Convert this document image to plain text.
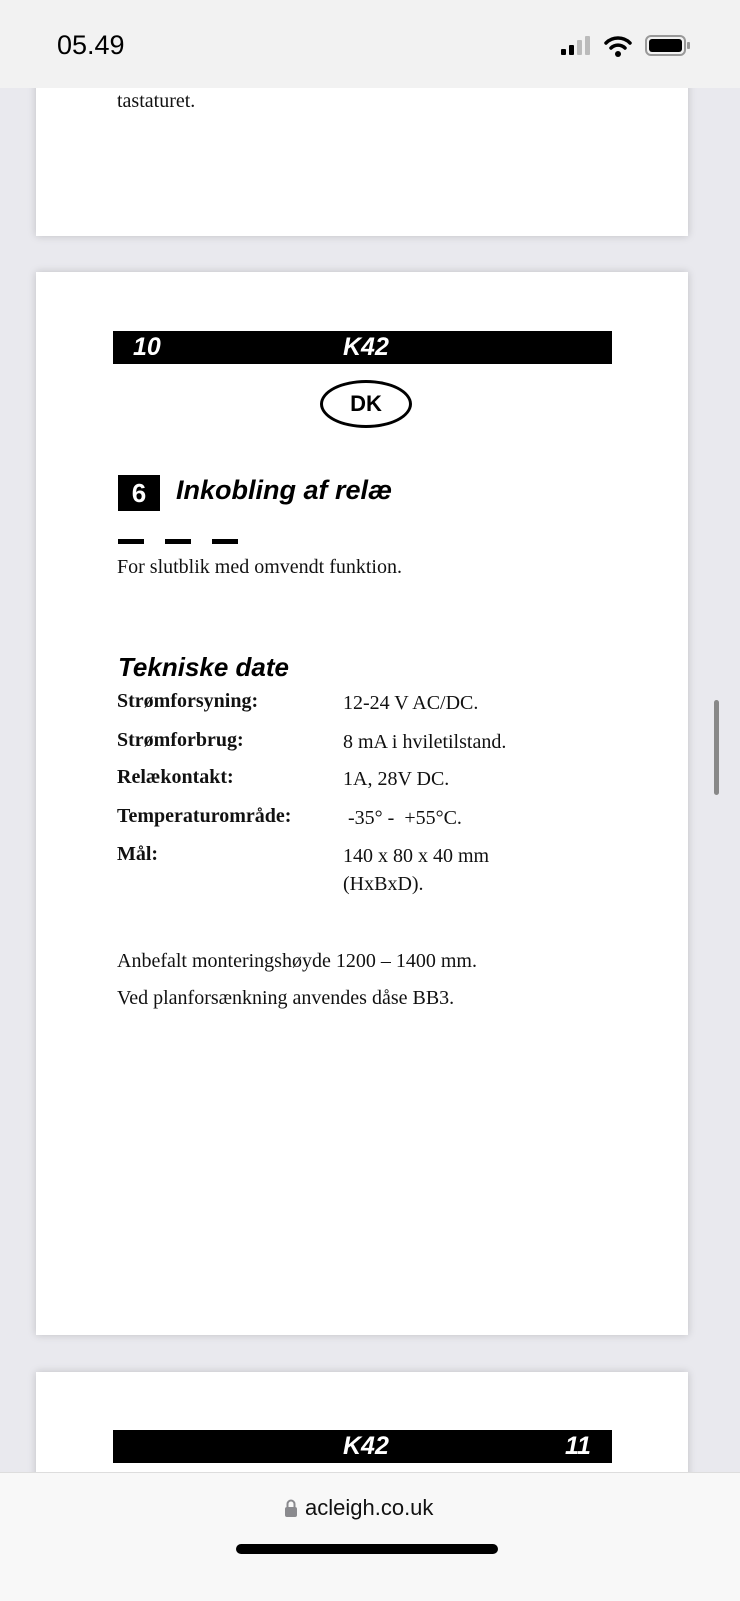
05.49
tastaturet.
10	K42
DK
6	Inkobling af relæ
For slutblik med omvendt funktion.
Tekniske date
Strømforsyning:	12-24 V AC/DC.
Strømforbrug:	8 mA i hviletilstand.
Relækontakt:	1A, 28V DC.
Temperaturområde:	-35° -  +55°C.
Mål:	140 x 80 x 40 mm
(HxBxD).
Anbefalt monteringshøyde 1200 – 1400 mm.
Ved planforsænkning anvendes dåse BB3.
K42	11
acleigh.co.uk
